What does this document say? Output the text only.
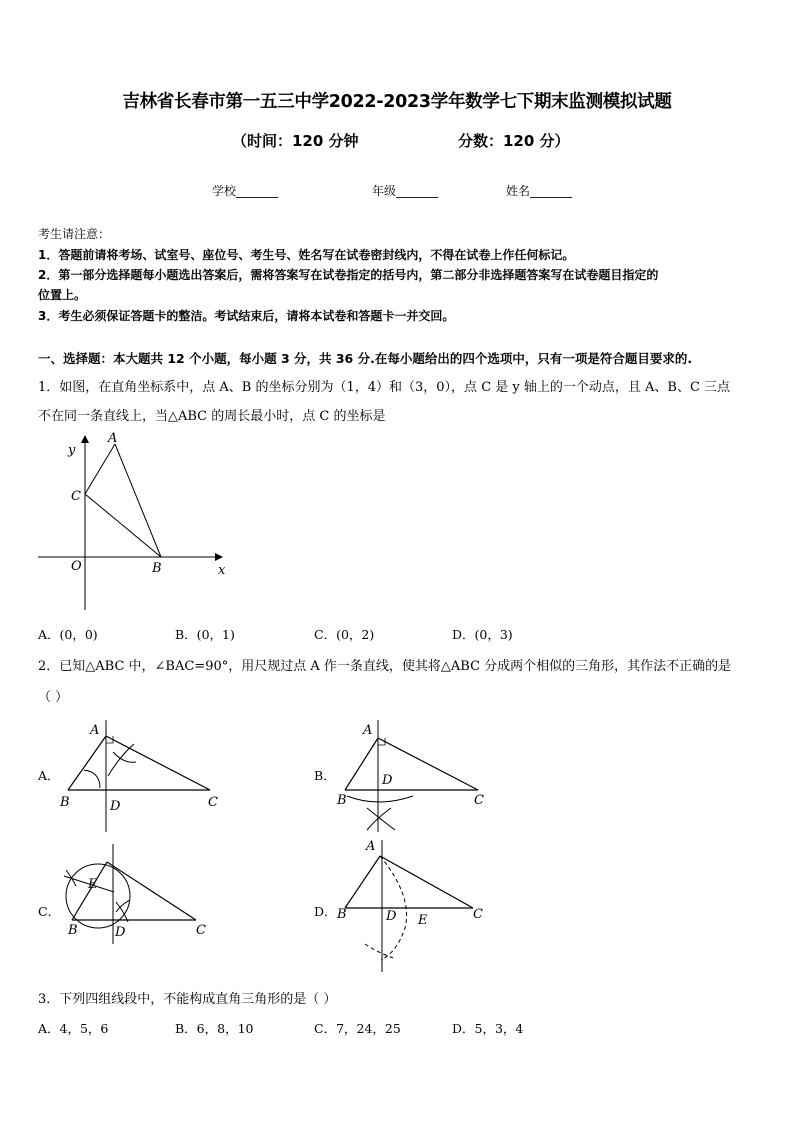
吉林省长春市第一五三中学2022-2023学年数学七下期末监测模拟试题
（时间：120 分钟	分数：120 分）
学校_______	年级_______	姓名_______
考生请注意：
1．答题前请将考场、试室号、座位号、考生号、姓名写在试卷密封线内，不得在试卷上作任何标记。
2．第一部分选择题每小题选出答案后，需将答案写在试卷指定的括号内，第二部分非选择题答案写在试卷题目指定的
位置上。
3．考生必须保证答题卡的整洁。考试结束后，请将本试卷和答题卡一并交回。
一、选择题：本大题共 12 个小题，每小题 3 分，共 36 分.在每小题给出的四个选项中，只有一项是符合题目要求的.
1．如图，在直角坐标系中，点 A、B 的坐标分别为（1，4）和（3，0），点 C 是 y 轴上的一个动点，且 A、B、C 三点
不在同一条直线上，当△ABC 的周长最小时，点 C 的坐标是
y
x
A
C
O	B
A．(0，0)	B．(0，1)	C．(0，2)	D．(0，3)
2．已知△ABC 中，∠BAC=90°，用尺规过点 A 作一条直线，使其将△ABC 分成两个相似的三角形，其作法不正确的是
（ ）
A．
A
B	D	C
B．
A
B
D
C
C．
E
B	D	C
D．
A
B	D E	C
3．下列四组线段中，不能构成直角三角形的是（ ）
A．4，5，6	B．6，8，10	C．7，24，25	D．5，3，4
